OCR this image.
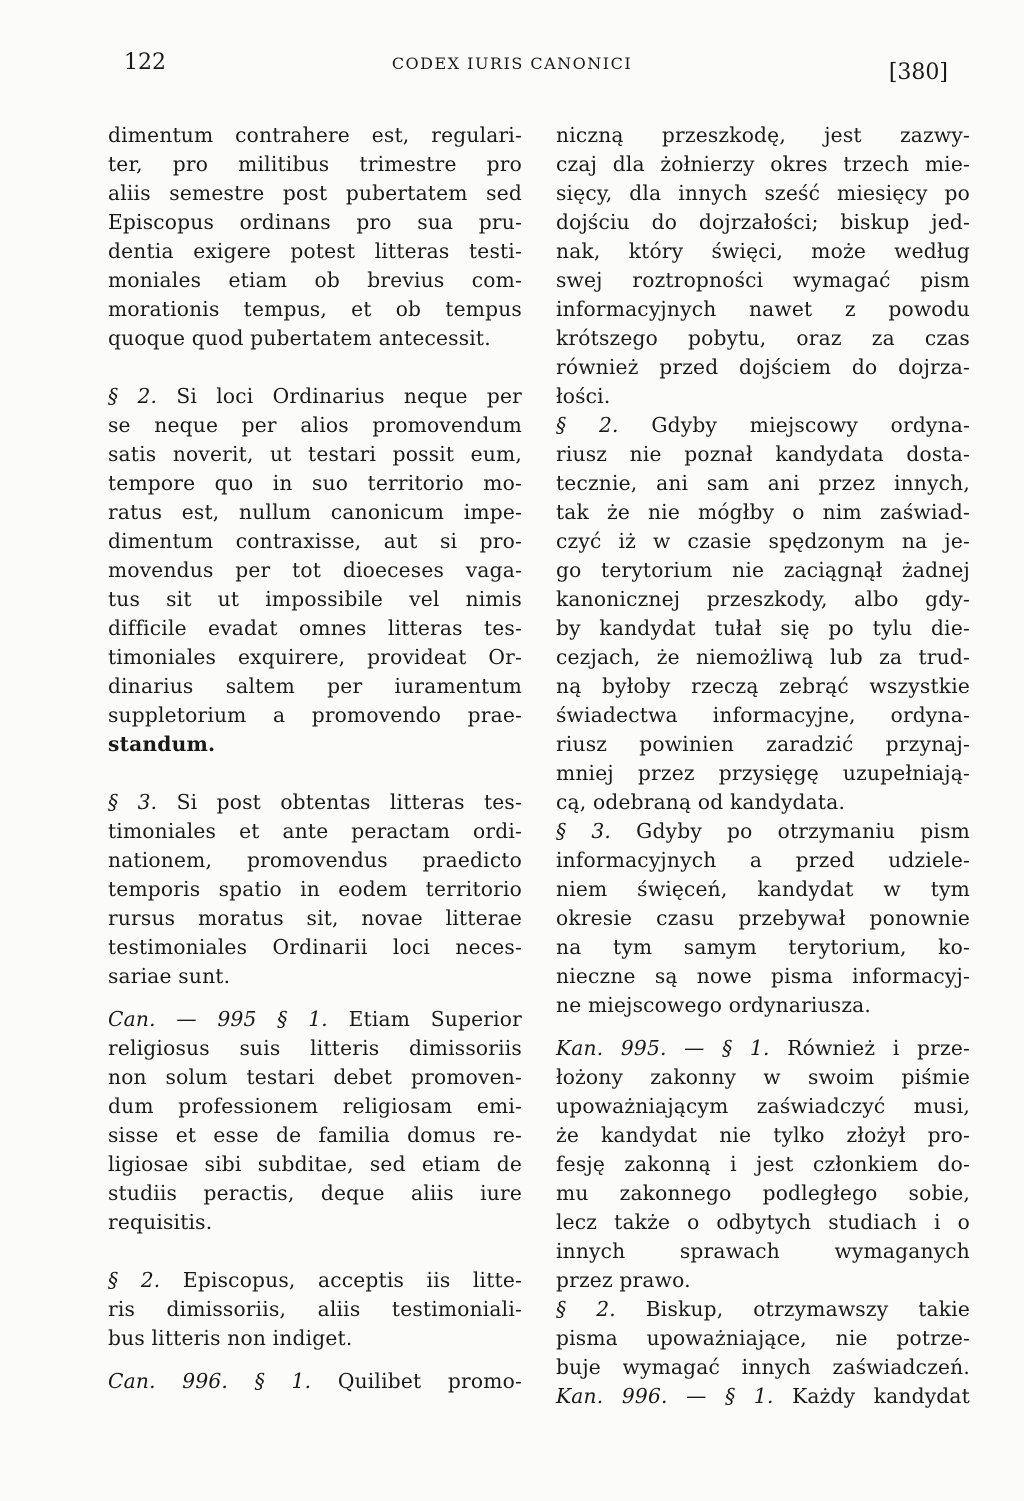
122	CODEX IURIS CANONICI	[380]
dimentum contrahere est, regulari-
ter, pro militibus trimestre pro
aliis semestre post pubertatem sed
Episcopus ordinans pro sua pru-
dentia exigere potest litteras testi-
moniales etiam ob brevius com-
morationis tempus, et ob tempus
quoque quod pubertatem antecessit.
§ 2. Si loci Ordinarius neque per
se neque per alios promovendum
satis noverit, ut testari possit eum,
tempore quo in suo territorio mo-
ratus est, nullum canonicum impe-
dimentum contraxisse, aut si pro-
movendus per tot dioeceses vaga-
tus sit ut impossibile vel nimis
difficile evadat omnes litteras tes-
timoniales exquirere, provideat Or-
dinarius saltem per iuramentum
suppletorium a promovendo prae-
standum.
§ 3. Si post obtentas litteras tes-
timoniales et ante peractam ordi-
nationem, promovendus praedicto
temporis spatio in eodem territorio
rursus moratus sit, novae litterae
testimoniales Ordinarii loci neces-
sariae sunt.
Can. — 995 § 1. Etiam Superior
religiosus suis litteris dimissoriis
non solum testari debet promoven-
dum professionem religiosam emi-
sisse et esse de familia domus re-
ligiosae sibi subditae, sed etiam de
studiis peractis, deque aliis iure
requisitis.
§ 2. Episcopus, acceptis iis litte-
ris dimissoriis, aliis testimoniali-
bus litteris non indiget.
Can. 996. § 1. Quilibet promo-
niczną przeszkodę, jest zazwy-
czaj dla żołnierzy okres trzech mie-
sięcy, dla innych sześć miesięcy po
dojściu do dojrzałości; biskup jed-
nak, który święci, może według
swej roztropności wymagać pism
informacyjnych nawet z powodu
krótszego pobytu, oraz za czas
również przed dojściem do dojrza-
łości.
§ 2. Gdyby miejscowy ordyna-
riusz nie poznał kandydata dosta-
tecznie, ani sam ani przez innych,
tak że nie mógłby o nim zaświad-
czyć iż w czasie spędzonym na je-
go terytorium nie zaciągnął żadnej
kanonicznej przeszkody, albo gdy-
by kandydat tułał się po tylu die-
cezjach, że niemożliwą lub za trud-
ną byłoby rzeczą zebrąć wszystkie
świadectwa informacyjne, ordyna-
riusz powinien zaradzić przynaj-
mniej przez przysięgę uzupełniają-
cą, odebraną od kandydata.
§ 3. Gdyby po otrzymaniu pism
informacyjnych a przed udziele-
niem święceń, kandydat w tym
okresie czasu przebywał ponownie
na tym samym terytorium, ko-
nieczne są nowe pisma informacyj-
ne miejscowego ordynariusza.
Kan. 995. — § 1. Również i prze-
łożony zakonny w swoim piśmie
upoważniającym zaświadczyć musi,
że kandydat nie tylko złożył pro-
fesję zakonną i jest członkiem do-
mu zakonnego podległego sobie,
lecz także o odbytych studiach i o
innych sprawach wymaganych
przez prawo.
§ 2. Biskup, otrzymawszy takie
pisma upoważniające, nie potrze-
buje wymagać innych zaświadczeń.
Kan. 996. — § 1. Każdy kandydat
